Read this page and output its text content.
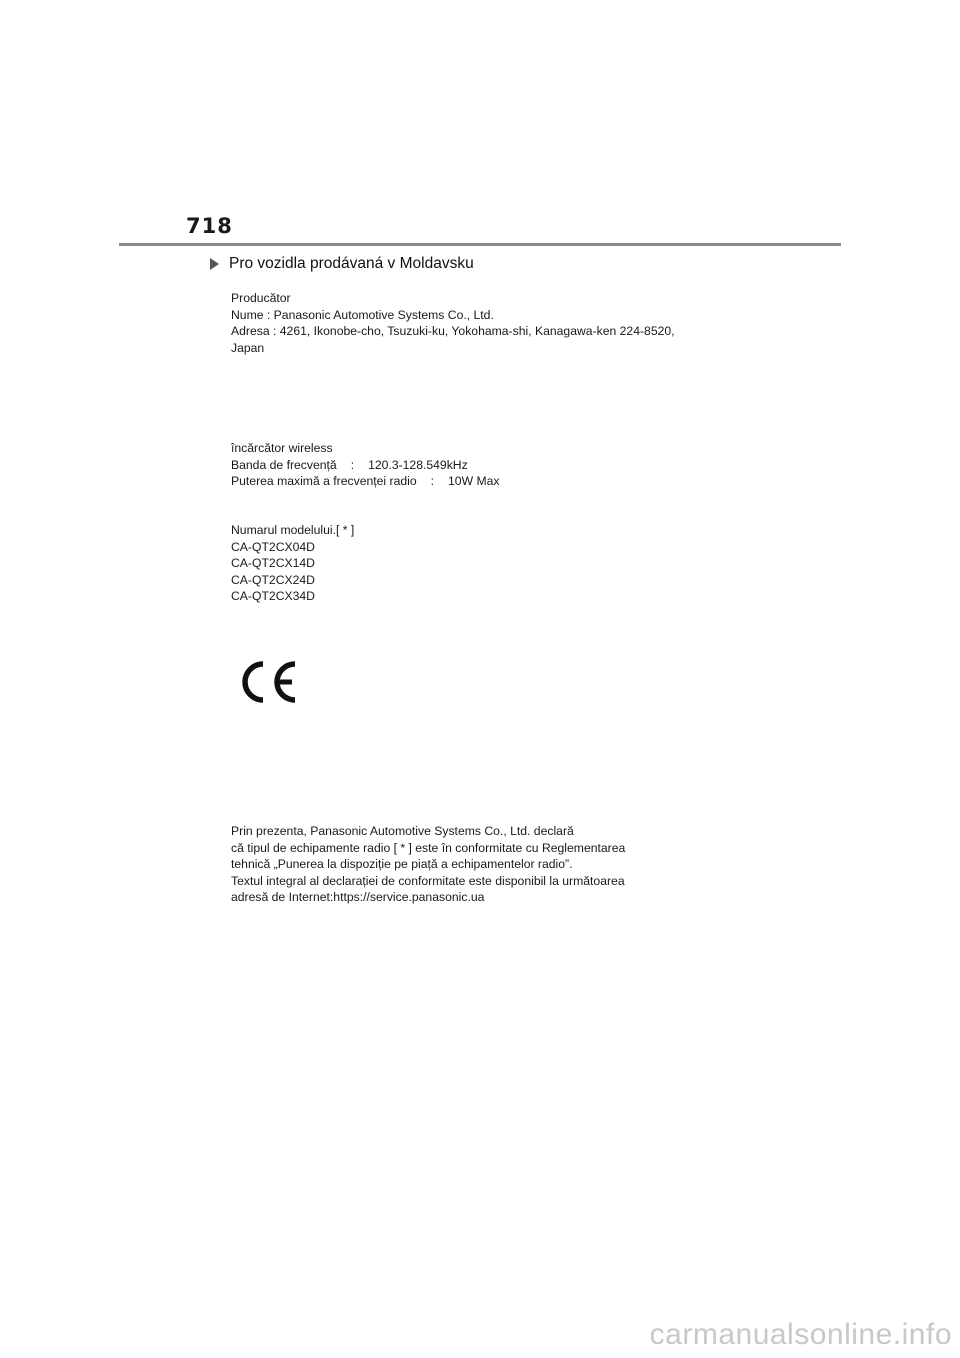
718
Pro vozidla prodávaná v Moldavsku
Producător
Nume : Panasonic Automotive Systems Co., Ltd.
Adresa : 4261, Ikonobe-cho, Tsuzuki-ku, Yokohama-shi, Kanagawa-ken 224-8520,
Japan
încărcător wireless
Banda de frecvență : 120.3-128.549kHz
Puterea maximă a frecvenței radio : 10W Max
Numarul modelului.[ * ]
CA-QT2CX04D
CA-QT2CX14D
CA-QT2CX24D
CA-QT2CX34D
Prin prezenta, Panasonic Automotive Systems Co., Ltd. declară
că tipul de echipamente radio [ * ] este în conformitate cu Reglementarea
tehnică „Punerea la dispoziție pe piață a echipamentelor radio”.
Textul integral al declarației de conformitate este disponibil la următoarea
adresă de Internet:https://service.panasonic.ua
carmanualsonline.info
